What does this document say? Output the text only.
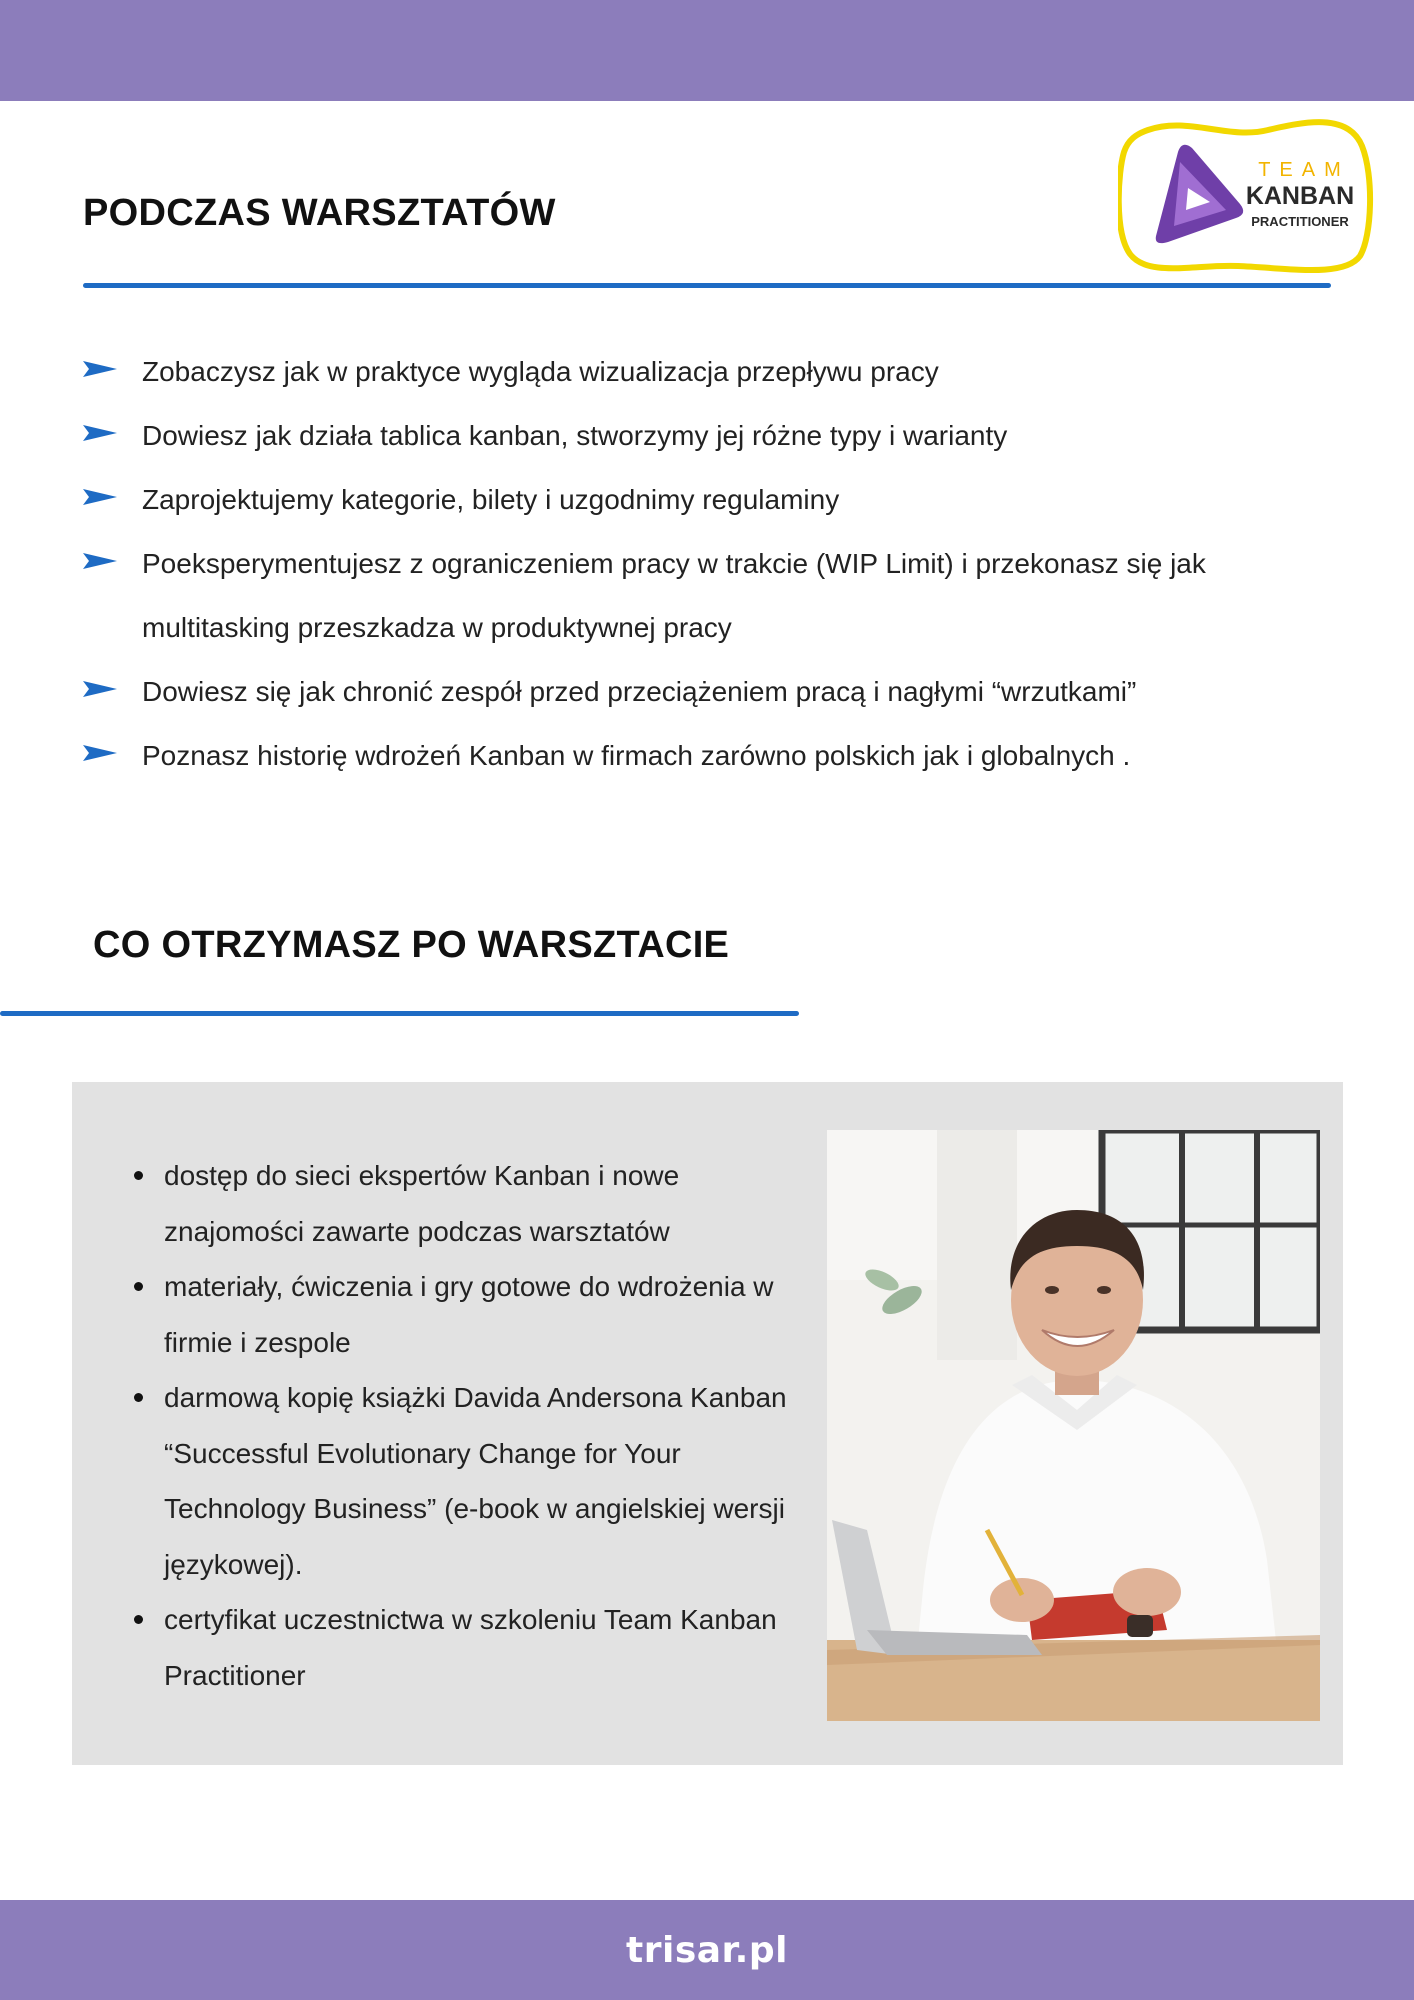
PODCZAS WARSZTATÓW
TEAM
KANBAN
PRACTITIONER
Zobaczysz jak w praktyce wygląda wizualizacja przepływu pracy
Dowiesz jak działa tablica kanban, stworzymy jej różne typy i warianty
Zaprojektujemy kategorie, bilety i uzgodnimy regulaminy
Poeksperymentujesz z ograniczeniem pracy w trakcie (WIP Limit) i przekonasz się jak multitasking przeszkadza w produktywnej pracy
Dowiesz się jak chronić zespół przed przeciążeniem pracą i nagłymi “wrzutkami”
Poznasz historię wdrożeń Kanban w firmach zarówno polskich jak i globalnych .
CO OTRZYMASZ PO WARSZTACIE
dostęp do sieci ekspertów Kanban i nowe znajomości zawarte podczas warsztatów
materiały, ćwiczenia i gry gotowe do wdrożenia w firmie i zespole
darmową kopię książki Davida Andersona Kanban “Successful Evolutionary Change for Your Technology Business” (e-book w angielskiej wersji językowej).
certyfikat uczestnictwa w szkoleniu Team Kanban Practitioner
trisar.pl
